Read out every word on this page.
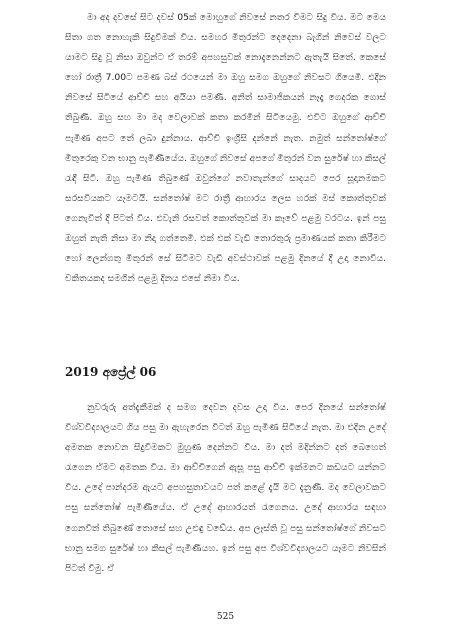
මා අද දවසේ සිට දවස් 05ක් මොහුගේ නිවසේ නතර වීමට සිදු විය. මට මෙය සිතා ගත නොහැකි සිදුවීමක් විය. සමහර මිතුරන්ට දෙදෙනා බැගින් නිවෙස් වලට යාමට සිදු වූ නිසා ඔවුන්ට ඒ තරම් අපහසුවක් නොදැනෙන්නට ඇතැයි සිතේ. කෙසේ හෝ රාත්‍රී 7.00ට පමණ බස් රථයෙන් මා ඔහු සමග ඔහුගේ නිවසට ගියෙමි. එදින නිවසේ සිටියේ ආච්චි සහ අයියා පමණි. අනිත් සාමාජිකයන් නෑදෑ ගෙදරක ගොස් තිබුණි. ඔහු සහ මා මද වෙලාවක් කතා කරමින් සිටියෙමු. එවිට ඔහුගේ ආච්චි පැමිණ අපට තේ ලබා දුන්නාය. ආච්චි ඉංග්‍රීසි දන්නේ නැත. නමුත් සන්තෝෂ්ගේ මිතුරෙකු වන භානු පැමිණියේය. ඔහුගේ නිවසේ අපගේ මිතුරන් වන සුරේෂ් හා කිසල් රැඳී සිටී. ඔහු පැමිණ තිබුණේ ඔවුන්ගේ නවාතැන්ගේ සාදයට පෙර සූදානමකට සරසවියකට යෑමටයි. සන්තෝෂ් මට රාත්‍රී ආහාරය ලෙස හරක් මස් කොත්තුවක් ගෙනැවිත් දී පිටත් විය. එවැනි රසවත් කොත්තුවක් මා කෑවේ පළමු වරටය. ඉන් පසු ඔහුත් නැති නිසා මා නිදා ගත්තෙමි. එක් එක් වැඩි තොරතුරු ප්‍රමාණයක් කතා කිරීමට හෝ ලෙන්ගතු මිතුරන් සේ සිටීමට වැඩි අවස්ථාවක් පළමු දිනයේ දී උදා නොවීය. චකිතයකද සමගින් පළමු දිනය එසේ නිමා විය.

2019 අප්‍රේල් 06

නුවරුරු අත්දැකීමක් ද සමග දෙවන දවස උදා විය. පෙර දිනයේ සන්තෝෂ් විශ්වවිද්‍යාලයට ගිය පසු මා ඇහැරෙන විටත් ඔහු පැමිණ සිටියේ නැත. මා එදින උදේ අමතක නොවන සිදුවීමකට මුහුණ දෙන්නට විය. මා දත් මදින්නට දත් බෙහෙත් රැගෙන ඒමට අමතක විය. මා ආච්චිගෙන් ඇසූ පසු ආච්චි ඉක්මනට කඩයට යන්නට විය. උදේ පාන්දරම ඇයට අපහසුතාවයට පත් කළේ දැයි මට දැනුණි. මද වෙලාවකට පසු සන්තෝෂ් පැමිණියේය. ඒ උදේ ආහාරයත් රැගෙනය. උදේ ආහාරය සඳහා ගෙනවිත් තිබුණේ තොසේ සහ උළුඳු වඩේය. අප ලෑස්ති වූ පසු සන්තෝෂ්ගේ නිවසට භානු සමග සුරේෂ් හා කිසල් පැමිණියහ. ඉන් පසු අප විශ්වවිද්‍යාලයට යෑමට නිවසින් පිටත් වීමු. ඒ

525
